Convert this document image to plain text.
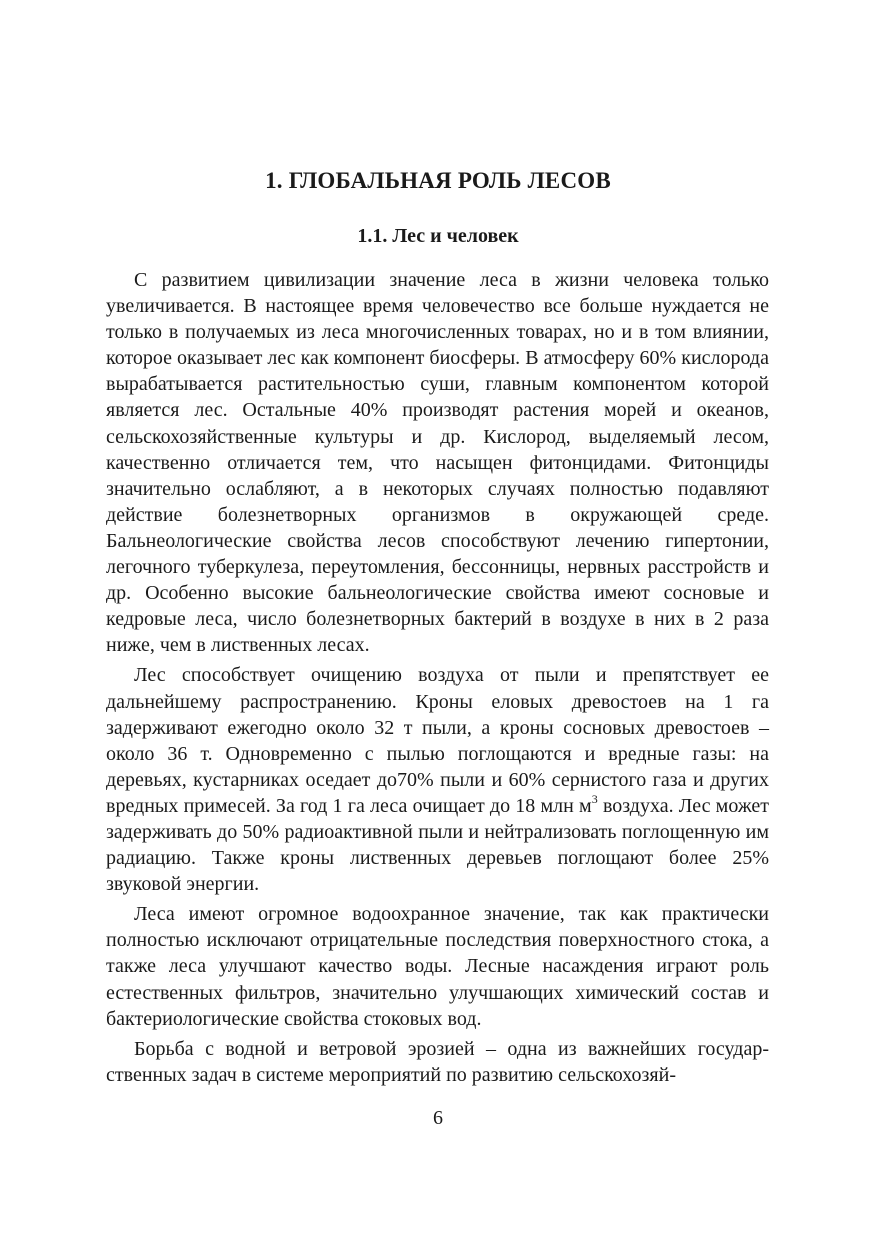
1. ГЛОБАЛЬНАЯ РОЛЬ ЛЕСОВ
1.1. Лес и человек

С развитием цивилизации значение леса в жизни человека только увеличивается. В настоящее время человечество все больше нуждается не только в получаемых из леса многочисленных товарах, но и в том влиянии, которое оказывает лес как компонент биосферы. В атмосферу 60% кислорода вырабатывается растительностью суши, главным компонентом которой является лес. Остальные 40% производят растения морей и океанов, сельскохозяйственные культуры и др. Кислород, выделяемый лесом, качественно отличается тем, что насыщен фитонцидами. Фитонциды значительно ослабляют, а в некоторых случаях полностью подавляют действие болезнетворных организмов в окружающей среде. Бальнеологические свойства лесов способствуют лечению гипертонии, легочного туберкулеза, переутомления, бессонницы, нервных расстройств и др. Особенно высокие бальнеологические свойства имеют сосновые и кедровые леса, число болезнетворных бактерий в воздухе в них в 2 раза ниже, чем в лиственных лесах.

Лес способствует очищению воздуха от пыли и препятствует ее дальнейшему распространению. Кроны еловых древостоев на 1 га задерживают ежегодно около 32 т пыли, а кроны сосновых древостоев – около 36 т. Одновременно с пылью поглощаются и вредные газы: на деревьях, кустарниках оседает до70% пыли и 60% сернистого газа и других вредных примесей. За год 1 га леса очищает до 18 млн $м^3$ воздуха. Лес может задерживать до 50% радиоактивной пыли и нейтрализовать поглощенную им радиацию. Также кроны лиственных деревьев поглощают более 25% звуковой энергии.

Леса имеют огромное водоохранное значение, так как практически полностью исключают отрицательные последствия поверхностного стока, а также леса улучшают качество воды. Лесные насаждения играют роль естественных фильтров, значительно улучшающих химический состав и бактериологические свойства стоковых вод.

Борьба с водной и ветровой эрозией – одна из важнейших государственных задач в системе мероприятий по развитию сельскохозяй-

6
